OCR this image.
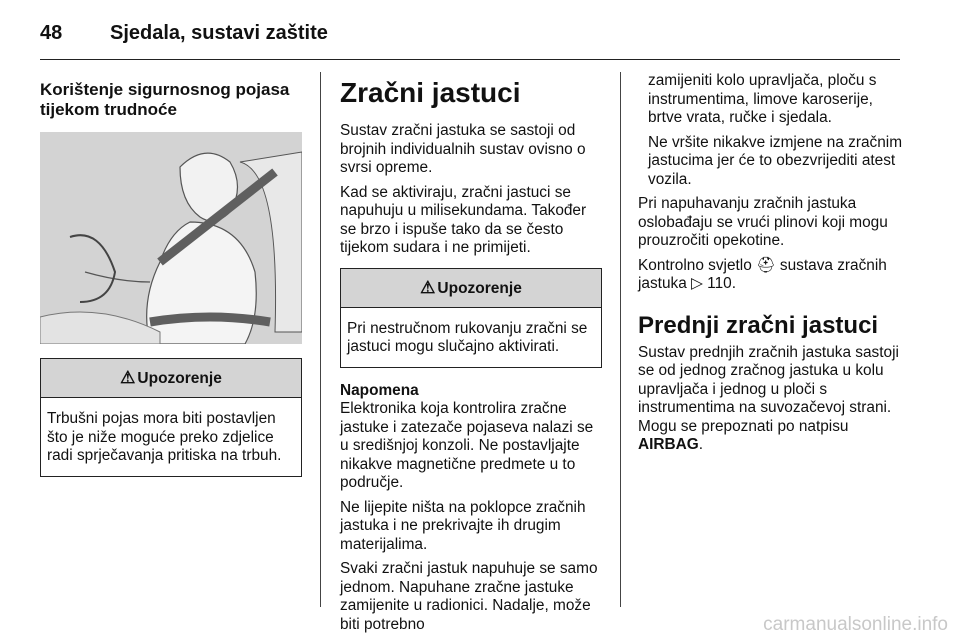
48 Sjedala, sustavi zaštite
Korištenje sigurnosnog pojasa tijekom trudnoće
⚠ Upozorenje
Trbušni pojas mora biti postavljen što je niže moguće preko zdjelice radi sprječavanja pritiska na trbuh.
Zračni jastuci

Sustav zračni jastuka se sastoji od brojnih individualnih sustav ovisno o svrsi opreme.

Kad se aktiviraju, zračni jastuci se napuhuju u milisekundama. Također se brzo i ispuše tako da se često tijekom sudara i ne primijeti.

⚠ Upozorenje
Pri nestručnom rukovanju zračni se jastuci mogu slučajno aktivirati.
Napomena

Elektronika koja kontrolira zračne jastuke i zatezače pojaseva nalazi se u središnjoj konzoli. Ne postavljajte nikakve magnetične predmete u to područje.

Ne lijepite ništa na poklopce zračnih jastuka i ne prekrivajte ih drugim materijalima.

Svaki zračni jastuk napuhuje se samo jednom. Napuhane zračne jastuke zamijenite u radionici. Nadalje, može biti potrebno

zamijeniti kolo upravljača, ploču s instrumentima, limove karoserije, brtve vrata, ručke i sjedala.

Ne vršite nikakve izmjene na zračnim jastucima jer će to obezvrijediti atest vozila.

Pri napuhavanju zračnih jastuka oslobađaju se vrući plinovi koji mogu prouzročiti opekotine.

Kontrolno svjetlo ⛑ sustava zračnih jastuka ▷ 110.

Prednji zračni jastuci

Sustav prednjih zračnih jastuka sastoji se od jednog zračnog jastuka u kolu upravljača i jednog u ploči s instrumentima na suvozačevoj strani. Mogu se prepoznati po natpisu AIRBAG.

carmanualsonline.info
